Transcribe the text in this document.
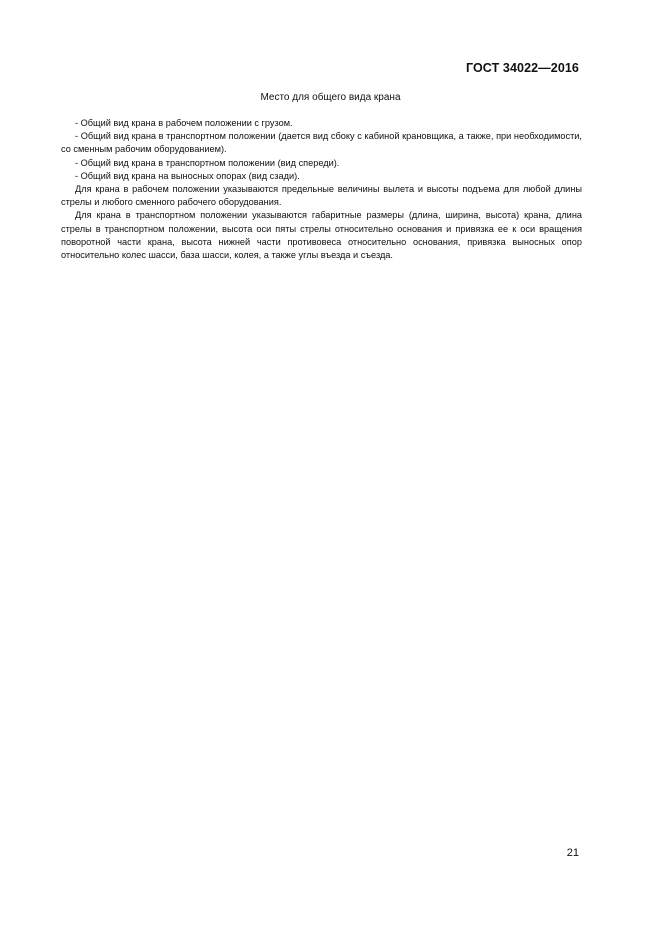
ГОСТ 34022—2016
Место для общего вида крана

- Общий вид крана в рабочем положении с грузом.

- Общий вид крана в транспортном положении (дается вид сбоку с кабиной крановщика, а также, при необходимости, со сменным рабочим оборудованием).

- Общий вид крана в транспортном положении (вид спереди).

- Общий вид крана на выносных опорах (вид сзади).

Для крана в рабочем положении указываются предельные величины вылета и высоты подъема для любой длины стрелы и любого сменного рабочего оборудования.

Для крана в транспортном положении указываются габаритные размеры (длина, ширина, высота) крана, длина стрелы в транспортном положении, высота оси пяты стрелы относительно основания и привязка ее к оси вращения поворотной части крана, высота нижней части противовеса относительно основания, привязка выносных опор относительно колес шасси, база шасси, колея, а также углы въезда и съезда.

21
